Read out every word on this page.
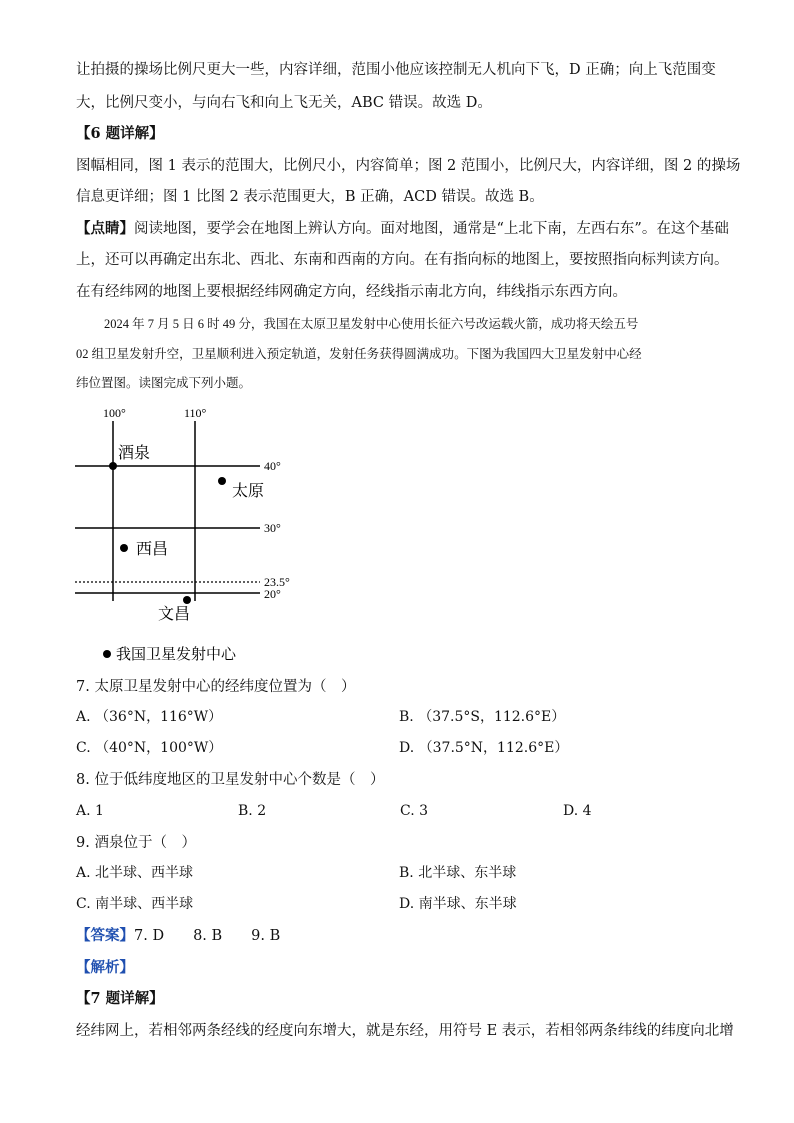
让拍摄的操场比例尺更大一些，内容详细，范围小他应该控制无人机向下飞，D 正确；向上飞范围变
大，比例尺变小，与向右飞和向上飞无关，ABC 错误。故选 D。
【6 题详解】
图幅相同，图 1 表示的范围大，比例尺小，内容简单；图 2 范围小，比例尺大，内容详细，图 2 的操场
信息更详细；图 1 比图 2 表示范围更大，B 正确，ACD 错误。故选 B。
【点睛】阅读地图，要学会在地图上辨认方向。面对地图，通常是“上北下南，左西右东”。在这个基础
上，还可以再确定出东北、西北、东南和西南的方向。在有指向标的地图上，要按照指向标判读方向。
在有经纬网的地图上要根据经纬网确定方向，经线指示南北方向，纬线指示东西方向。
2024 年 7 月 5 日 6 时 49 分，我国在太原卫星发射中心使用长征六号改运载火箭，成功将天绘五号
02 组卫星发射升空，卫星顺利进入预定轨道，发射任务获得圆满成功。下图为我国四大卫星发射中心经
纬位置图。读图完成下列小题。
100°	110°
40°
30°
23.5°
20°
酒泉
太原
西昌
文昌
我国卫星发射中心
7. 太原卫星发射中心的经纬度位置为（　）
A. （36°N，116°W）	B. （37.5°S，112.6°E）
C. （40°N，100°W）	D. （37.5°N，112.6°E）
8. 位于低纬度地区的卫星发射中心个数是（　）
A. 1	B. 2	C. 3	D. 4
9. 酒泉位于（　）
A. 北半球、西半球	B. 北半球、东半球
C. 南半球、西半球	D. 南半球、东半球
【答案】7. D　　8. B　　9. B
【解析】
【7 题详解】
经纬网上，若相邻两条经线的经度向东增大，就是东经，用符号 E 表示，若相邻两条纬线的纬度向北增
